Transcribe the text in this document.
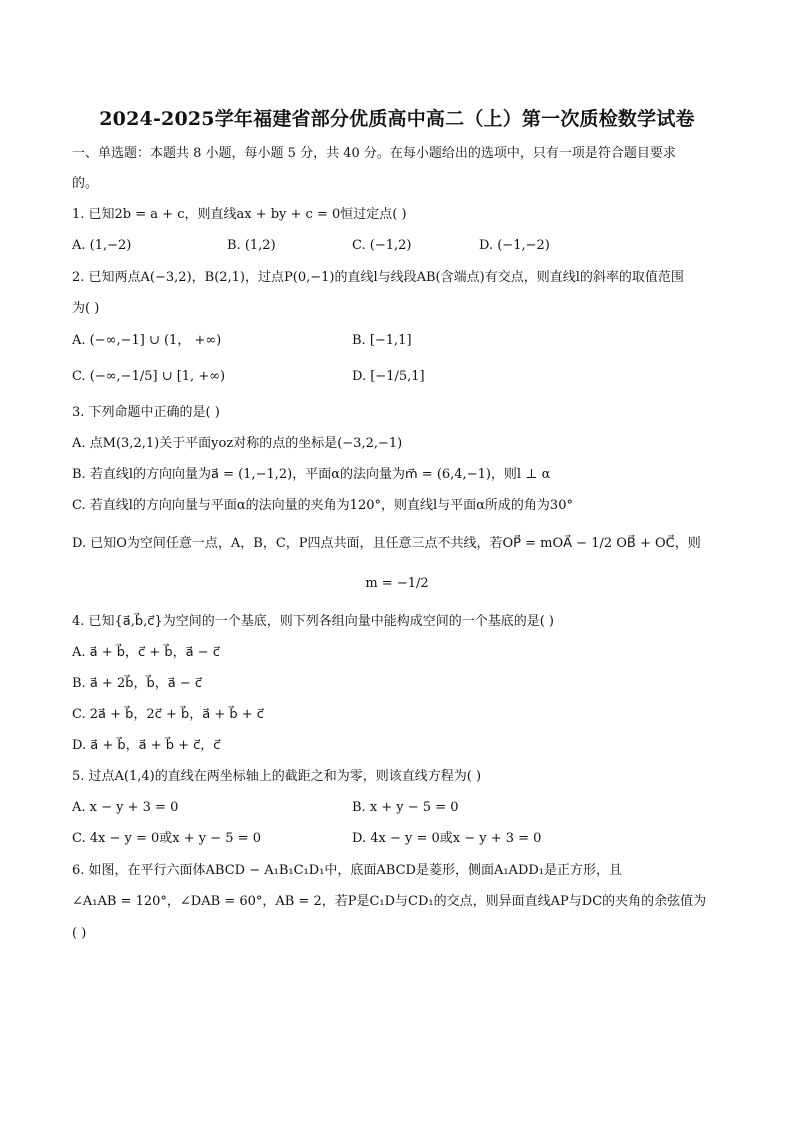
2024-2025学年福建省部分优质高中高二（上）第一次质检数学试卷
一、单选题：本题共 8 小题，每小题 5 分，共 40 分。在每小题给出的选项中，只有一项是符合题目要求
的。
1. 已知2b = a + c，则直线ax + by + c = 0恒过定点( )
A. (1,−2)	B. (1,2)	C. (−1,2)	D. (−1,−2)
2. 已知两点A(−3,2)，B(2,1)，过点P(0,−1)的直线l与线段AB(含端点)有交点，则直线l的斜率的取值范围
为( )
A. (−∞,−1] ∪ (1， +∞)	B. [−1,1]
C. (−∞,−1/5] ∪ [1, +∞)	D. [−1/5,1]
3. 下列命题中正确的是( )
A. 点M(3,2,1)关于平面yoz对称的点的坐标是(−3,2,−1)
B. 若直线l的方向向量为a⃗ = (1,−1,2)，平面α的法向量为m⃗ = (6,4,−1)，则l ⊥ α
C. 若直线l的方向向量与平面α的法向量的夹角为120°，则直线l与平面α所成的角为30°
D. 已知O为空间任意一点，A，B，C，P四点共面，且任意三点不共线，若OP⃗ = mOA⃗ − 1/2 OB⃗ + OC⃗，则
m = −1/2
4. 已知{a⃗,b⃗,c⃗}为空间的一个基底，则下列各组向量中能构成空间的一个基底的是( )
A. a⃗ + b⃗，c⃗ + b⃗，a⃗ − c⃗
B. a⃗ + 2b⃗，b⃗，a⃗ − c⃗
C. 2a⃗ + b⃗，2c⃗ + b⃗，a⃗ + b⃗ + c⃗
D. a⃗ + b⃗，a⃗ + b⃗ + c⃗，c⃗
5. 过点A(1,4)的直线在两坐标轴上的截距之和为零，则该直线方程为( )
A. x − y + 3 = 0	B. x + y − 5 = 0
C. 4x − y = 0或x + y − 5 = 0	D. 4x − y = 0或x − y + 3 = 0
6. 如图，在平行六面体ABCD − A₁B₁C₁D₁中，底面ABCD是菱形，侧面A₁ADD₁是正方形，且
∠A₁AB = 120°，∠DAB = 60°，AB = 2，若P是C₁D与CD₁的交点，则异面直线AP与DC的夹角的余弦值为
( )
